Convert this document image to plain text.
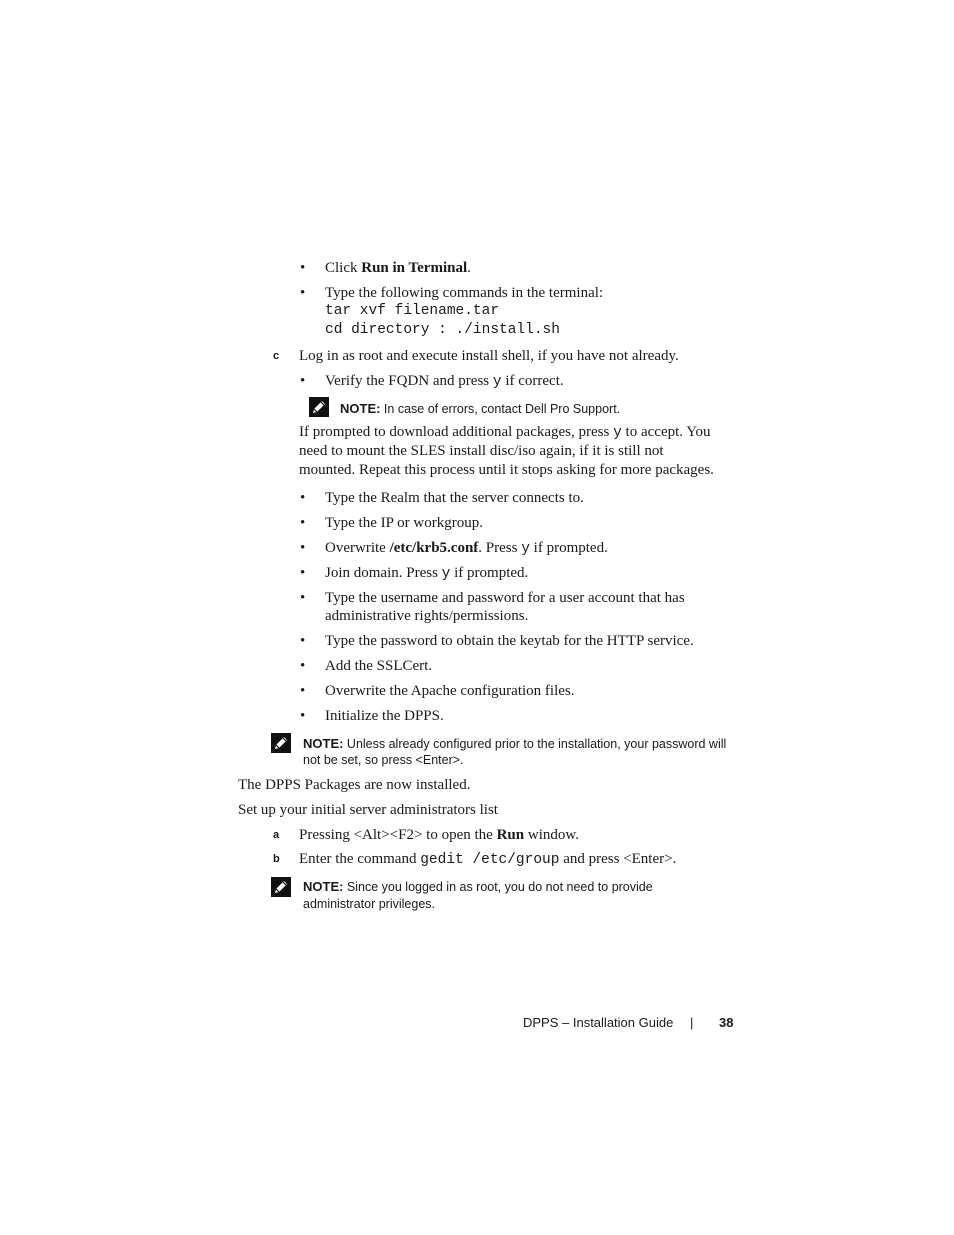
• Click Run in Terminal.
• Type the following commands in the terminal:
tar xvf filename.tar
cd directory : ./install.sh
c Log in as root and execute install shell, if you have not already.
• Verify the FQDN and press y if correct.
NOTE: In case of errors, contact Dell Pro Support.
If prompted to download additional packages, press y to accept. You
need to mount the SLES install disc/iso again, if it is still not
mounted. Repeat this process until it stops asking for more packages.
• Type the Realm that the server connects to.
• Type the IP or workgroup.
• Overwrite /etc/krb5.conf. Press y if prompted.
• Join domain. Press y if prompted.
• Type the username and password for a user account that has
administrative rights/permissions.
• Type the password to obtain the keytab for the HTTP service.
• Add the SSLCert.
• Overwrite the Apache configuration files.
• Initialize the DPPS.
NOTE: Unless already configured prior to the installation, your password will
not be set, so press <Enter>.
The DPPS Packages are now installed.
Set up your initial server administrators list
a Pressing <Alt><F2> to open the Run window.
b Enter the command gedit /etc/group and press <Enter>.
NOTE: Since you logged in as root, you do not need to provide
administrator privileges.
DPPS – Installation Guide | 38
